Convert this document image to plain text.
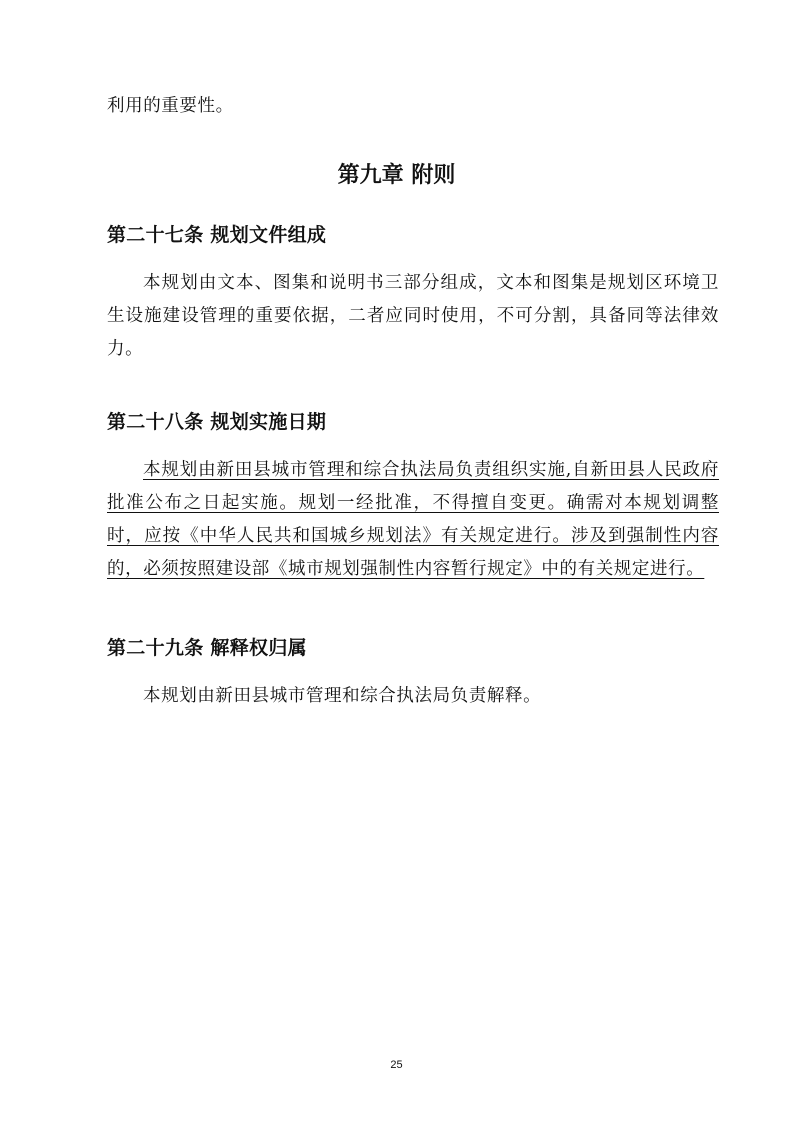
利用的重要性。

第九章 附则
第二十七条 规划文件组成

本规划由文本、图集和说明书三部分组成，文本和图集是规划区环境卫生设施建设管理的重要依据，二者应同时使用，不可分割，具备同等法律效力。

第二十八条 规划实施日期

本规划由新田县城市管理和综合执法局负责组织实施,自新田县人民政府批准公布之日起实施。规划一经批准，不得擅自变更。确需对本规划调整时，应按《中华人民共和国城乡规划法》有关规定进行。涉及到强制性内容的，必须按照建设部《城市规划强制性内容暂行规定》中的有关规定进行。

第二十九条 解释权归属

本规划由新田县城市管理和综合执法局负责解释。

25
